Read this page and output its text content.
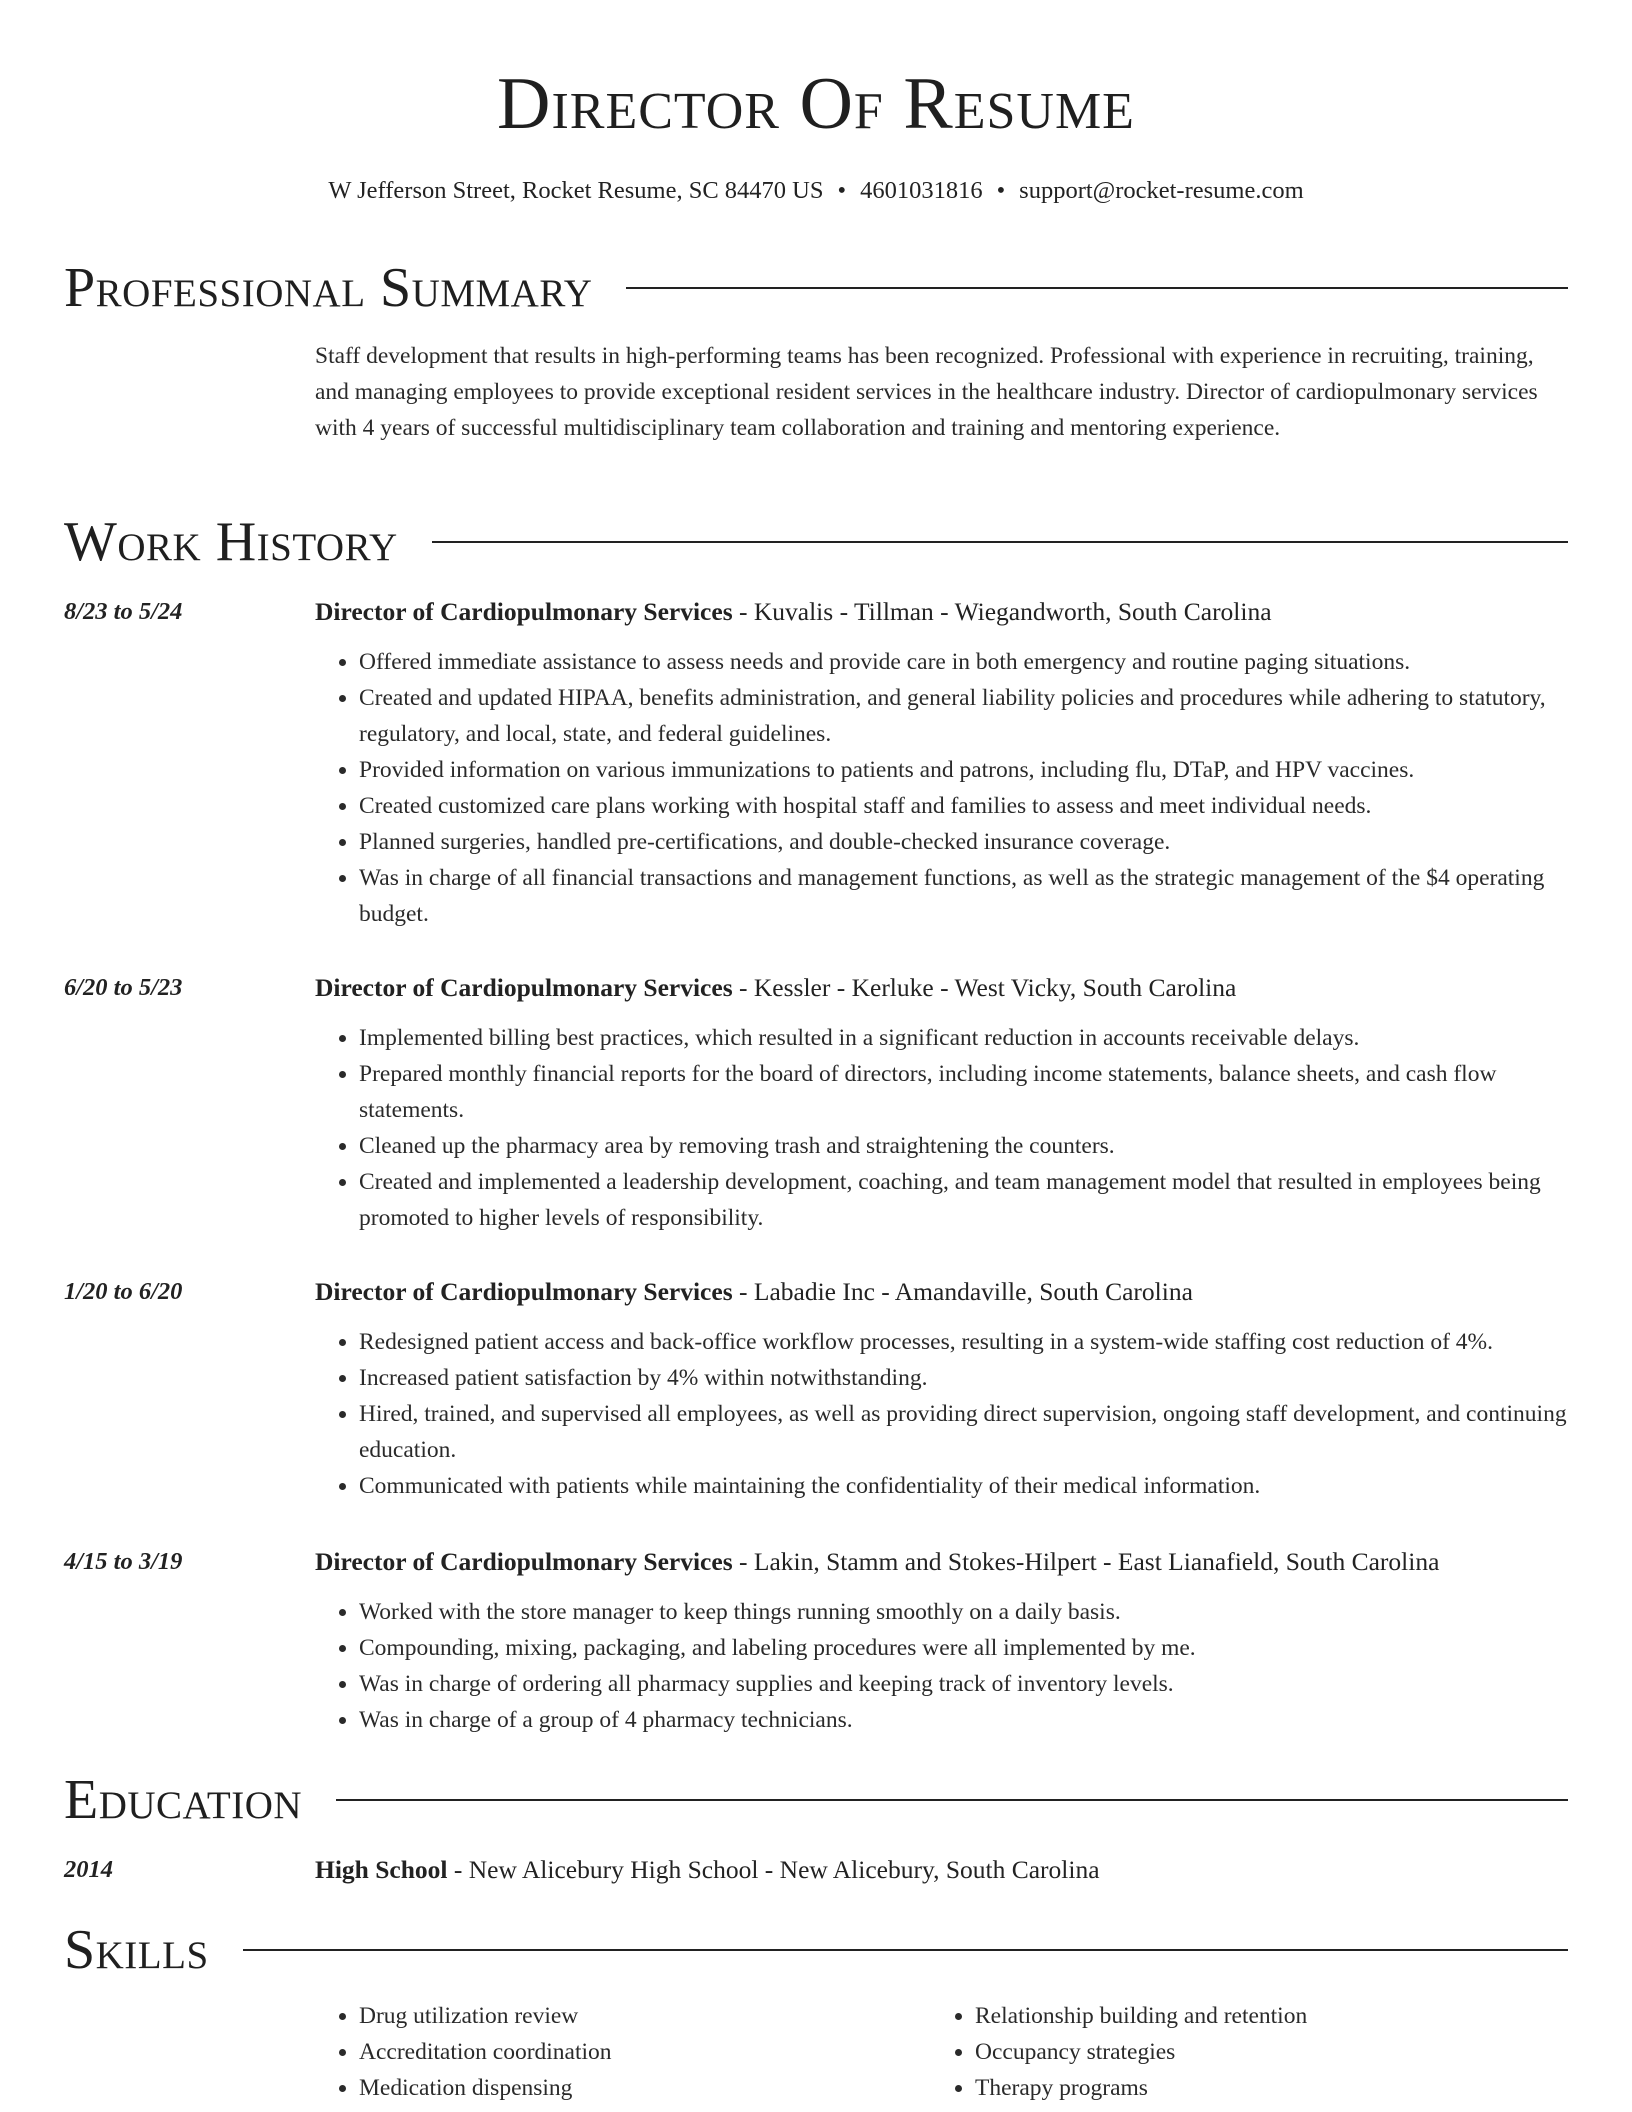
Director Of Resume
W Jefferson Street, Rocket Resume, SC 84470 US • 4601031816 • support@rocket-resume.com
Professional Summary

Staff development that results in high-performing teams has been recognized. Professional with experience in recruiting, training, and managing employees to provide exceptional resident services in the healthcare industry. Director of cardiopulmonary services with 4 years of successful multidisciplinary team collaboration and training and mentoring experience.

Work History
8/23 to 5/24	Director of Cardiopulmonary Services - Kuvalis - Tillman - Wiegandworth, South Carolina
• Offered immediate assistance to assess needs and provide care in both emergency and routine paging situations.
• Created and updated HIPAA, benefits administration, and general liability policies and procedures while adhering to statutory, regulatory, and local, state, and federal guidelines.
• Provided information on various immunizations to patients and patrons, including flu, DTaP, and HPV vaccines.
• Created customized care plans working with hospital staff and families to assess and meet individual needs.
• Planned surgeries, handled pre-certifications, and double-checked insurance coverage.
• Was in charge of all financial transactions and management functions, as well as the strategic management of the $4 operating budget.
6/20 to 5/23	Director of Cardiopulmonary Services - Kessler - Kerluke - West Vicky, South Carolina
• Implemented billing best practices, which resulted in a significant reduction in accounts receivable delays.
• Prepared monthly financial reports for the board of directors, including income statements, balance sheets, and cash flow statements.
• Cleaned up the pharmacy area by removing trash and straightening the counters.
• Created and implemented a leadership development, coaching, and team management model that resulted in employees being promoted to higher levels of responsibility.
1/20 to 6/20	Director of Cardiopulmonary Services - Labadie Inc - Amandaville, South Carolina
• Redesigned patient access and back-office workflow processes, resulting in a system-wide staffing cost reduction of 4%.
• Increased patient satisfaction by 4% within notwithstanding.
• Hired, trained, and supervised all employees, as well as providing direct supervision, ongoing staff development, and continuing education.
• Communicated with patients while maintaining the confidentiality of their medical information.
4/15 to 3/19	Director of Cardiopulmonary Services - Lakin, Stamm and Stokes-Hilpert - East Lianafield, South Carolina
• Worked with the store manager to keep things running smoothly on a daily basis.
• Compounding, mixing, packaging, and labeling procedures were all implemented by me.
• Was in charge of ordering all pharmacy supplies and keeping track of inventory levels.
• Was in charge of a group of 4 pharmacy technicians.
Education
2014	High School - New Alicebury High School - New Alicebury, South Carolina
Skills
• Drug utilization review
• Accreditation coordination
• Medication dispensing
• Relationship building and retention
• Occupancy strategies
• Therapy programs
